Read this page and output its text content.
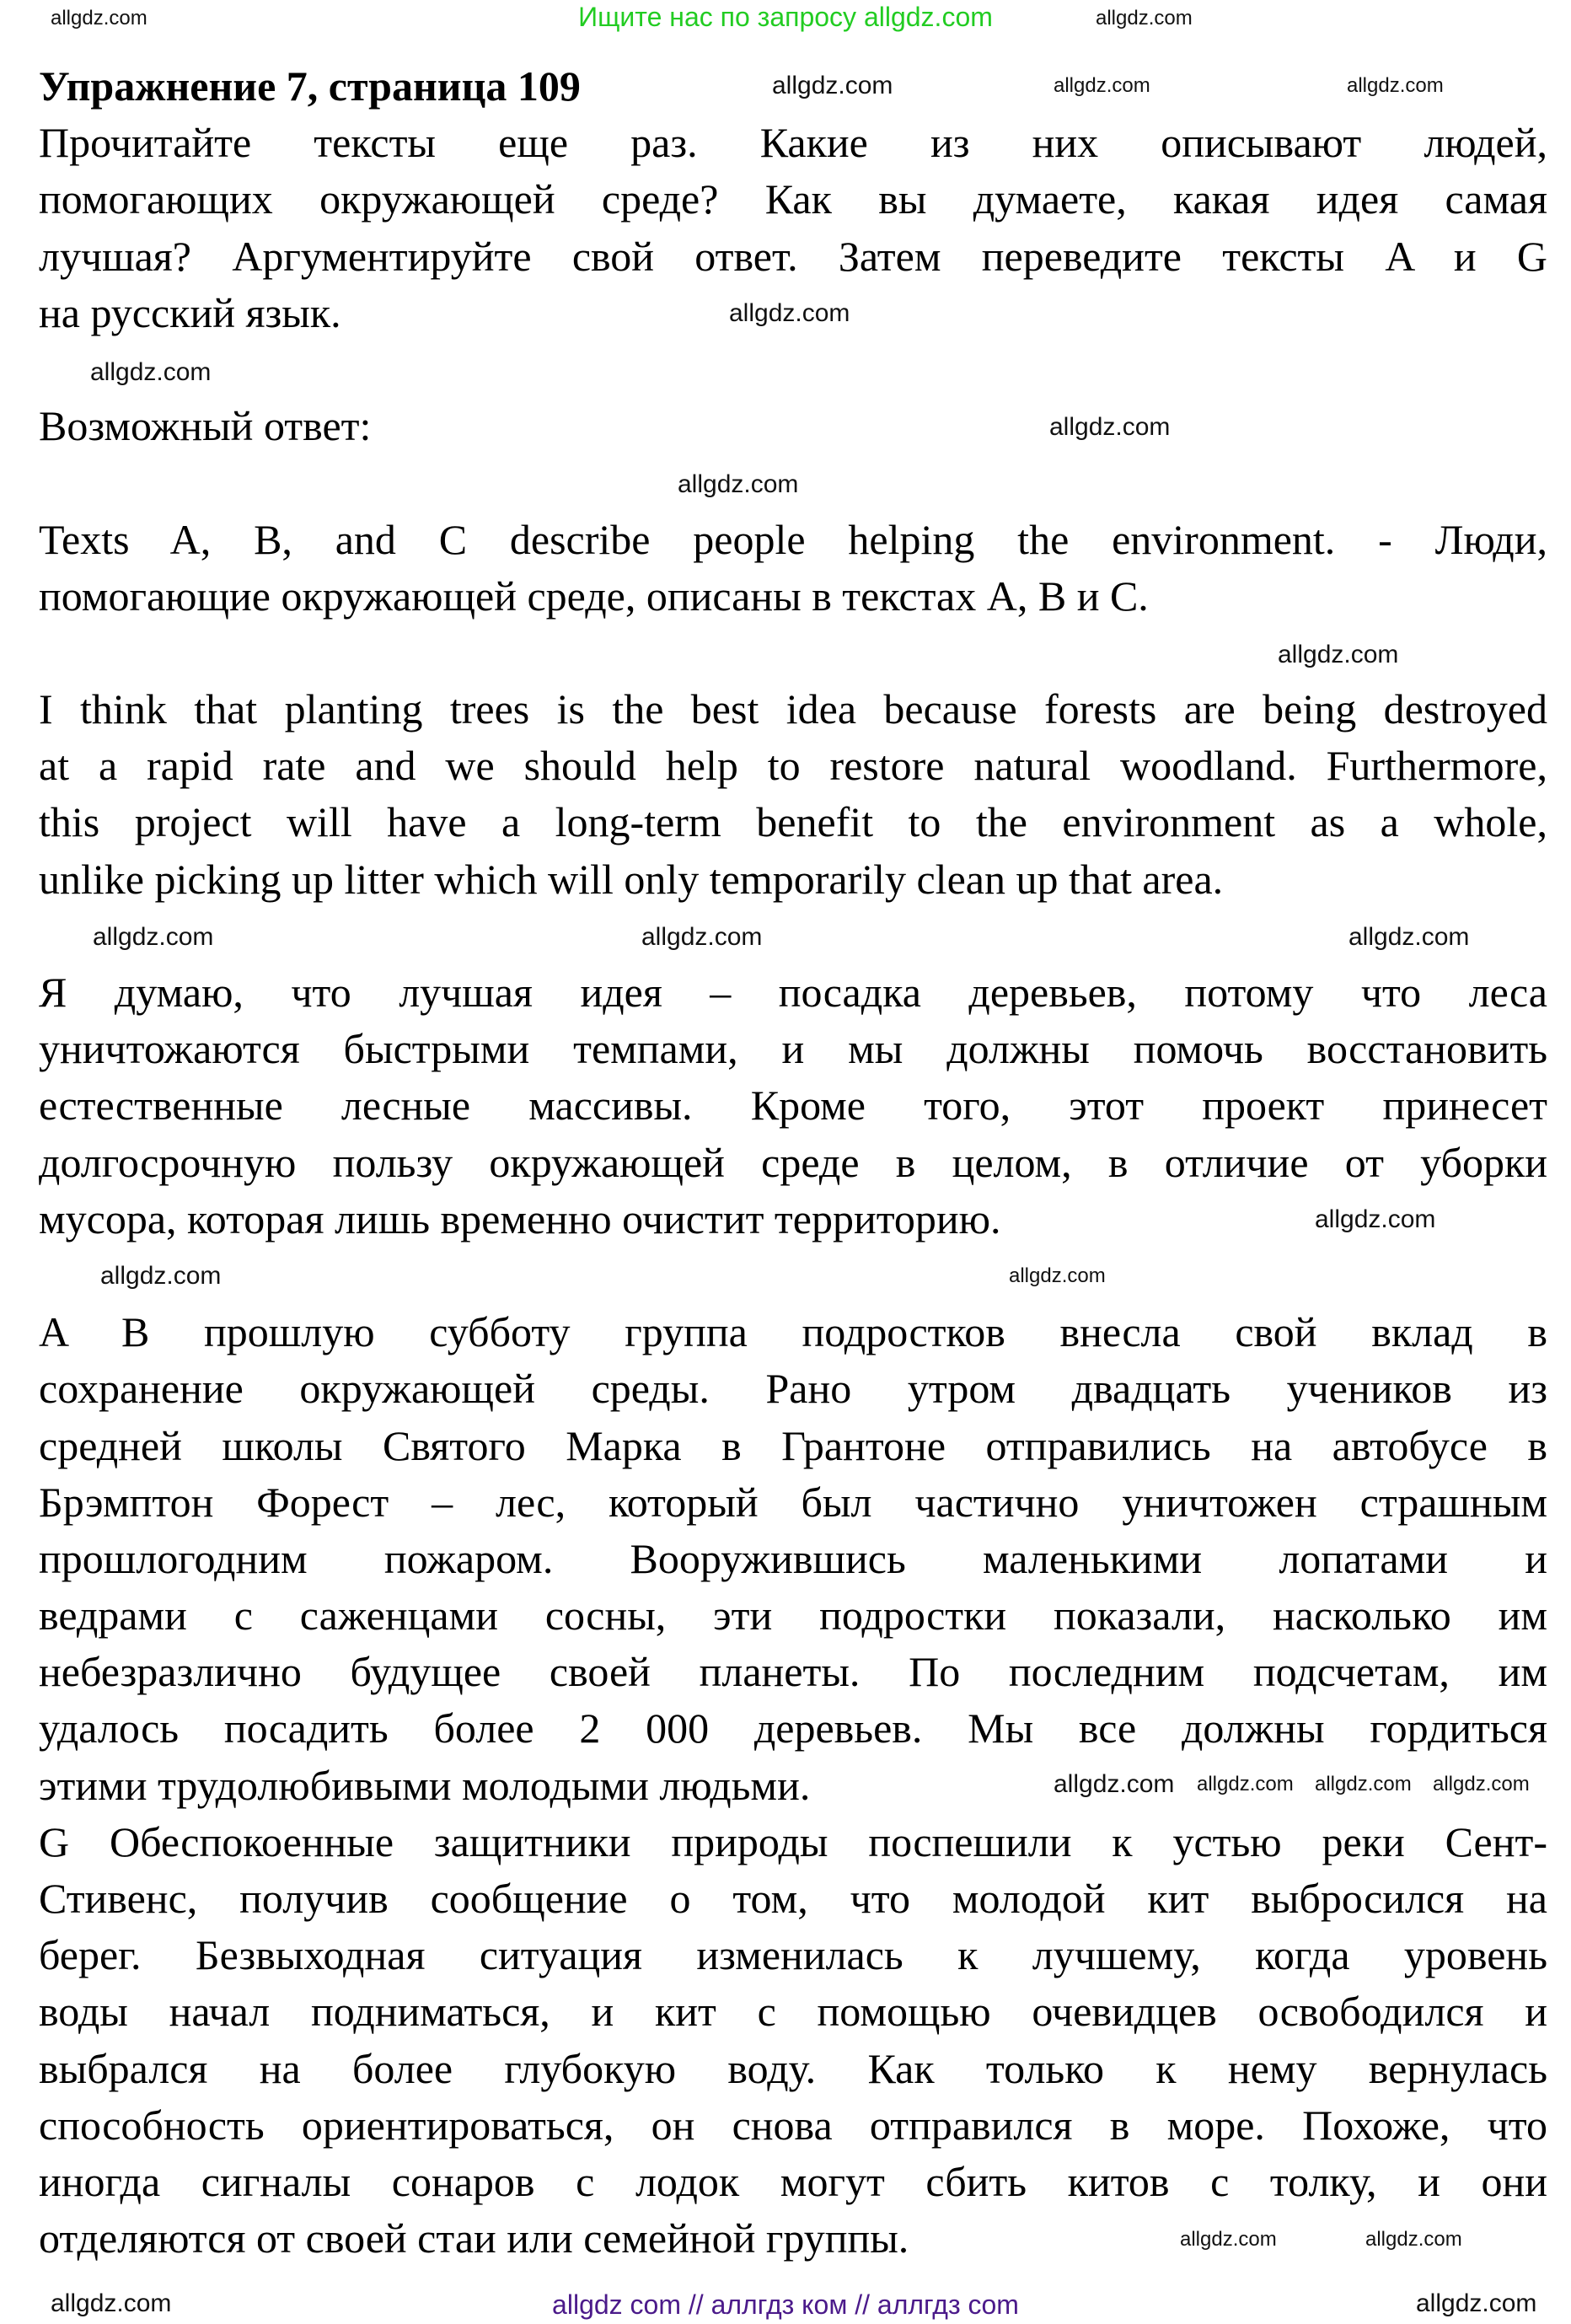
Ищите нас по запросу allgdz.com
Упражнение 7, страница 109
Прочитайте тексты еще раз. Какие из них описывают людей,
помогающих окружающей среде? Как вы думаете, какая идея самая
лучшая? Аргументируйте свой ответ. Затем переведите тексты A и G
на русский язык.
Возможный ответ:
Texts A, B, and C describe people helping the environment. - Люди,
помогающие окружающей среде, описаны в текстах A, B и C.
I think that planting trees is the best idea because forests are being destroyed
at a rapid rate and we should help to restore natural woodland. Furthermore,
this project will have a long-term benefit to the environment as a whole,
unlike picking up litter which will only temporarily clean up that area.
Я думаю, что лучшая идея – посадка деревьев, потому что леса
уничтожаются быстрыми темпами, и мы должны помочь восстановить
естественные лесные массивы. Кроме того, этот проект принесет
долгосрочную пользу окружающей среде в целом, в отличие от уборки
мусора, которая лишь временно очистит территорию.
A В прошлую субботу группа подростков внесла свой вклад в
сохранение окружающей среды. Рано утром двадцать учеников из
средней школы Святого Марка в Грантоне отправились на автобусе в
Брэмптон Форест – лес, который был частично уничтожен страшным
прошлогодним пожаром. Вооружившись маленькими лопатами и
ведрами с саженцами сосны, эти подростки показали, насколько им
небезразлично будущее своей планеты. По последним подсчетам, им
удалось посадить более 2 000 деревьев. Мы все должны гордиться
этими трудолюбивыми молодыми людьми.
G Обеспокоенные защитники природы поспешили к устью реки Сент-
Стивенс, получив сообщение о том, что молодой кит выбросился на
берег. Безвыходная ситуация изменилась к лучшему, когда уровень
воды начал подниматься, и кит с помощью очевидцев освободился и
выбрался на более глубокую воду. Как только к нему вернулась
способность ориентироваться, он снова отправился в море. Похоже, что
иногда сигналы сонаров с лодок могут сбить китов с толку, и они
отделяются от своей стаи или семейной группы.
allgdz.com	allgdz.com	allgdz.com
allgdz.com
allgdz.com
allgdz.com
allgdz.com
allgdz.com
allgdz.com
allgdz.com
allgdz.com
allgdz.com
allgdz.com
allgdz.com
allgdz.com allgdz.com allgdz.com
allgdz.com
allgdz.com	allgdz.com
allgdz.com	allgdz.com
allgdz.com	allgdz.com
allgdz com // аллгдз ком // аллгдз com
